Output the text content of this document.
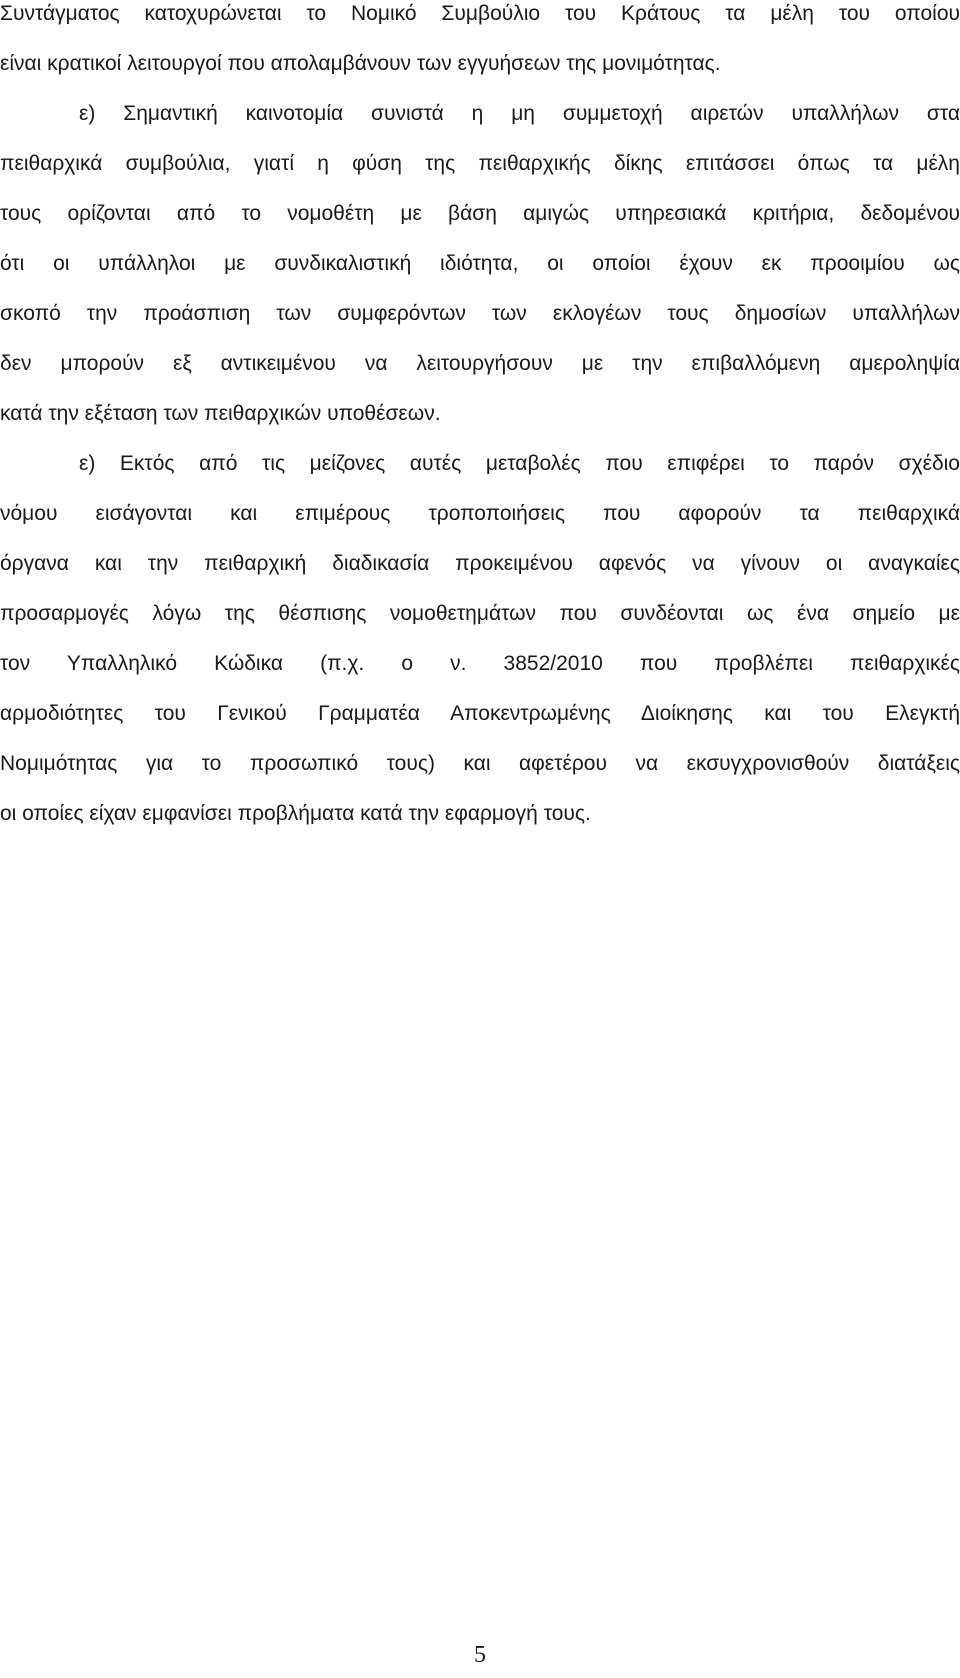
Συντάγματος κατοχυρώνεται το Νομικό Συμβούλιο του Κράτους τα μέλη του οποίου
είναι κρατικοί λειτουργοί που απολαμβάνουν των εγγυήσεων της μονιμότητας.
ε) Σημαντική καινοτομία συνιστά η μη συμμετοχή αιρετών υπαλλήλων στα
πειθαρχικά συμβούλια, γιατί η φύση της πειθαρχικής δίκης επιτάσσει όπως τα μέλη
τους ορίζονται από το νομοθέτη με βάση αμιγώς υπηρεσιακά κριτήρια, δεδομένου
ότι οι υπάλληλοι με συνδικαλιστική ιδιότητα, οι οποίοι έχουν εκ προοιμίου ως
σκοπό την προάσπιση των συμφερόντων των εκλογέων τους δημοσίων υπαλλήλων
δεν μπορούν εξ αντικειμένου να λειτουργήσουν με την επιβαλλόμενη αμεροληψία
κατά την εξέταση των πειθαρχικών υποθέσεων.
ε) Εκτός από τις μείζονες αυτές μεταβολές που επιφέρει το παρόν σχέδιο
νόμου εισάγονται και επιμέρους τροποποιήσεις που αφορούν τα πειθαρχικά
όργανα και την πειθαρχική διαδικασία προκειμένου αφενός να γίνουν οι αναγκαίες
προσαρμογές λόγω της θέσπισης νομοθετημάτων που συνδέονται ως ένα σημείο με
τον Υπαλληλικό Κώδικα (π.χ. ο ν. 3852/2010 που προβλέπει πειθαρχικές
αρμοδιότητες του Γενικού Γραμματέα Αποκεντρωμένης Διοίκησης και του Ελεγκτή
Νομιμότητας για το προσωπικό τους) και αφετέρου να εκσυγχρονισθούν διατάξεις
οι οποίες είχαν εμφανίσει προβλήματα κατά την εφαρμογή τους.
5
